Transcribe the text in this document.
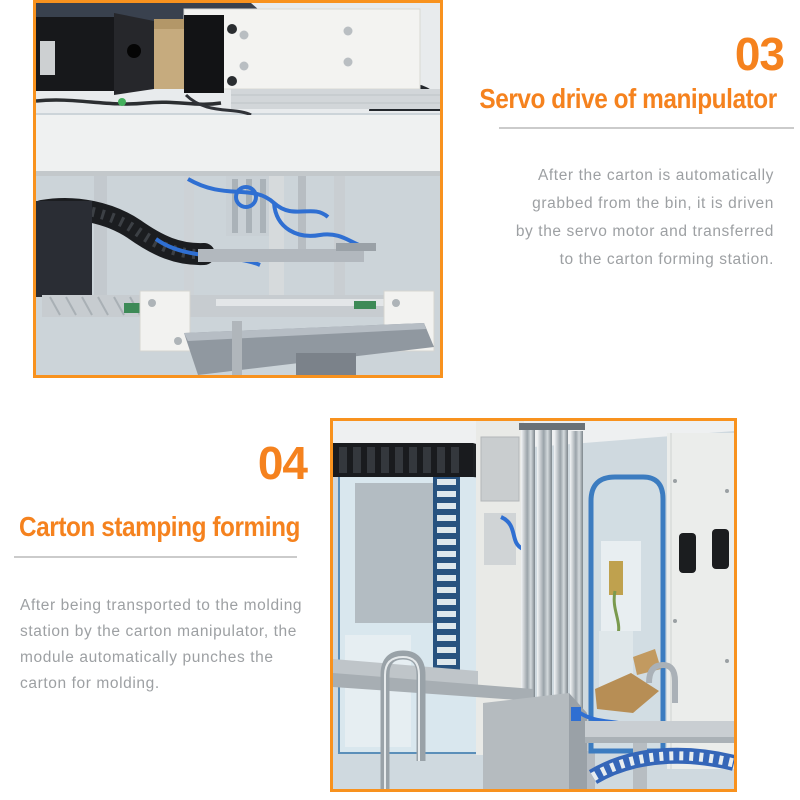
03
Servo drive of manipulator

After the carton is automatically
grabbed from the bin, it is driven
by the servo motor and transferred
to the carton forming station.

04
Carton stamping forming

After being transported to the molding
station by the carton manipulator, the
module automatically punches the
carton for molding.
